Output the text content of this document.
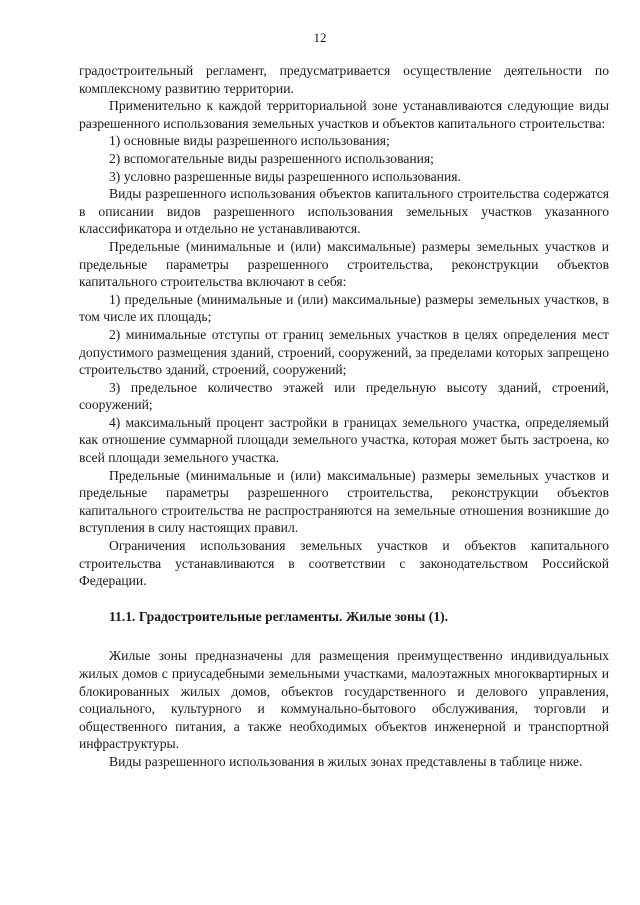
12

градостроительный регламент, предусматривается осуществление деятельности по комплексному развитию территории.

Применительно к каждой территориальной зоне устанавливаются следующие виды разрешенного использования земельных участков и объектов капитального строительства:

1) основные виды разрешенного использования;

2) вспомогательные виды разрешенного использования;

3) условно разрешенные виды разрешенного использования.

Виды разрешенного использования объектов капитального строительства содержатся в описании видов разрешенного использования земельных участков указанного классификатора и отдельно не устанавливаются.

Предельные (минимальные и (или) максимальные) размеры земельных участков и предельные параметры разрешенного строительства, реконструкции объектов капитального строительства включают в себя:

1) предельные (минимальные и (или) максимальные) размеры земельных участков, в том числе их площадь;

2) минимальные отступы от границ земельных участков в целях определения мест допустимого размещения зданий, строений, сооружений, за пределами которых запрещено строительство зданий, строений, сооружений;

3) предельное количество этажей или предельную высоту зданий, строений, сооружений;

4) максимальный процент застройки в границах земельного участка, определяемый как отношение суммарной площади земельного участка, которая может быть застроена, ко всей площади земельного участка.

Предельные (минимальные и (или) максимальные) размеры земельных участков и предельные параметры разрешенного строительства, реконструкции объектов капитального строительства не распространяются на земельные отношения возникшие до вступления в силу настоящих правил.

Ограничения использования земельных участков и объектов капитального строительства устанавливаются в соответствии с законодательством Российской Федерации.

11.1. Градостроительные регламенты. Жилые зоны (1).

Жилые зоны предназначены для размещения преимущественно индивидуальных жилых домов с приусадебными земельными участками, малоэтажных многоквартирных и блокированных жилых домов, объектов государственного и делового управления, социального, культурного и коммунально-бытового обслуживания, торговли и общественного питания, а также необходимых объектов инженерной и транспортной инфраструктуры.

Виды разрешенного использования в жилых зонах представлены в таблице ниже.
